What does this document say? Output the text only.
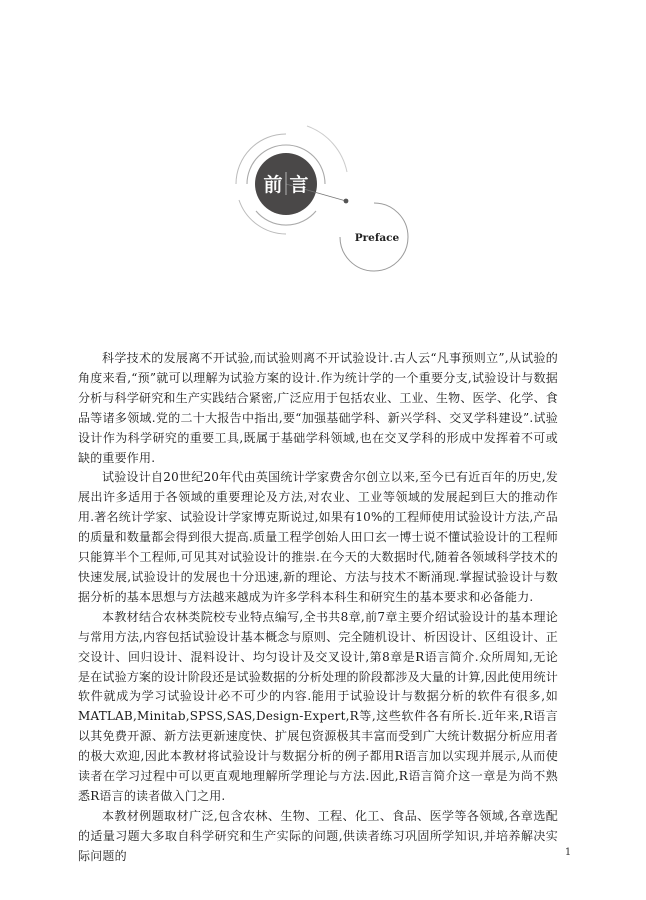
前 言
Preface

科学技术的发展离不开试验,而试验则离不开试验设计.古人云“凡事预则立”,从试验的角度来看,“预”就可以理解为试验方案的设计.作为统计学的一个重要分支,试验设计与数据分析与科学研究和生产实践结合紧密,广泛应用于包括农业、工业、生物、医学、化学、食品等诸多领域.党的二十大报告中指出,要“加强基础学科、新兴学科、交叉学科建设”.试验设计作为科学研究的重要工具,既属于基础学科领域,也在交叉学科的形成中发挥着不可或缺的重要作用.

试验设计自20世纪20年代由英国统计学家费舍尔创立以来,至今已有近百年的历史,发展出许多适用于各领域的重要理论及方法,对农业、工业等领域的发展起到巨大的推动作用.著名统计学家、试验设计学家博克斯说过,如果有10%的工程师使用试验设计方法,产品的质量和数量都会得到很大提高.质量工程学创始人田口玄一博士说不懂试验设计的工程师只能算半个工程师,可见其对试验设计的推崇.在今天的大数据时代,随着各领域科学技术的快速发展,试验设计的发展也十分迅速,新的理论、方法与技术不断涌现.掌握试验设计与数据分析的基本思想与方法越来越成为许多学科本科生和研究生的基本要求和必备能力.

本教材结合农林类院校专业特点编写,全书共8章,前7章主要介绍试验设计的基本理论与常用方法,内容包括试验设计基本概念与原则、完全随机设计、析因设计、区组设计、正交设计、回归设计、混料设计、均匀设计及交叉设计,第8章是R语言简介.众所周知,无论是在试验方案的设计阶段还是试验数据的分析处理的阶段都涉及大量的计算,因此使用统计软件就成为学习试验设计必不可少的内容.能用于试验设计与数据分析的软件有很多,如MATLAB,Minitab,SPSS,SAS,Design-Expert,R等,这些软件各有所长.近年来,R语言以其免费开源、新方法更新速度快、扩展包资源极其丰富而受到广大统计数据分析应用者的极大欢迎,因此本教材将试验设计与数据分析的例子都用R语言加以实现并展示,从而使读者在学习过程中可以更直观地理解所学理论与方法.因此,R语言简介这一章是为尚不熟悉R语言的读者做入门之用.

本教材例题取材广泛,包含农林、生物、工程、化工、食品、医学等各领域,各章选配的适量习题大多取自科学研究和生产实际的问题,供读者练习巩固所学知识,并培养解决实际问题的	1
